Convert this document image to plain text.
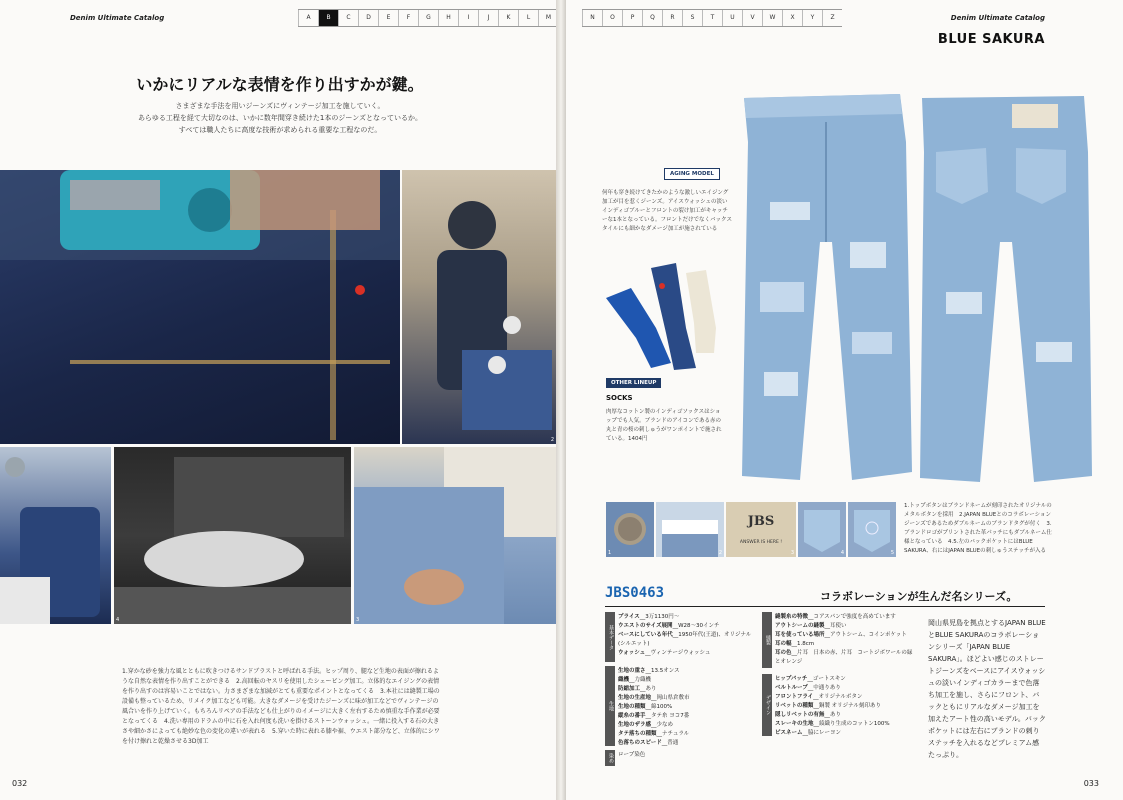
Denim Ultimate Catalog	A	B	C	D	E	F	G	H	I	J	K	L	M
いかにリアルな表情を作り出すかが鍵。
さまざまな手法を用いジーンズにヴィンテージ加工を施していく。
あらゆる工程を経て大切なのは、いかに数年間穿き続けた1本のジーンズとなっているか。
すべては職人たちに高度な技術が求められる重要な工程なのだ。
2
4	3
1.穿かな砂を強力な風とともに吹きつけるサンドブラストと呼ばれる手法。ヒップ周り、腿など生地の表面が擦れるような自然な表情を作り出すことができる　2.高回転のヤスリを使用したシェービング加工。立体的なエイジングの表情を作り出すのは容易いことではない。力さまざまな加減がとても重要なポイントとなってくる　3.本社には縫製工場の設備も整っているため、リメイク加工なども可能。大きなダメージを受けたジーンズに味が加工などでヴィンテージの風合いを作り上げていく。もちろんリペアの手法なども仕上がりのイメージに大きく左右するため慎重な手作業が必要となってくる　4.洗い専用のドラムの中に石を入れ何度も洗いを掛けるストーンウォッシュ。一緒に投入する石の大きさや細かさによっても絶妙な色の変化の違いが表れる　5.穿いた時に表れる膝や裾、ウエスト部分など、立体的にシワを付け擦れと乾燥させる3D加工
032
N	O	P	Q	R	S	T	U	V	W	X	Y	Z	Denim Ultimate Catalog
BLUE SAKURA
AGING MODEL
何年も穿き続けてきたかのような激しいエイジング加工が目を惹くジーンズ。アイスウォッシュの淡いインディゴブルーとフロントの裂け加工がキャッチーな1本となっている。フロントだけでなくバックスタイルにも細かなダメージ加工が施されている
OTHER LINEUP
SOCKS
肉厚なコットン製のインディゴソックスはショップでも人気。ブランドのアイコンである赤の丸と青の桜の刺しゅうがワンポイントで施されている。1404円
1	2
JBS
ANSWER IS HERE !
3	4	5
1.トップボタンはブランドネームが刻印されたオリジナルのメタルボタンを採用　2.JAPAN BLUEとのコラボレーションジーンズであるためダブルネームのブランドタグが付く　3.ブランドロゴがプリントされた革パッチにもダブルネーム仕様となっている　4.5.左のバックポケットにはBLUE SAKURA、右にはJAPAN BLUEの刺しゅうステッチが入る
033
JBS0463	コラボレーションが生んだ名シリーズ。
基本データ
プライス__3万1130円〜
ウエストのサイズ展開__W28〜30インチ
ベースにしている年代__1950年代(王道)、オリジナル(シルエット)
ウォッシュ__ヴィンテージウォッシュ
生地
生地の重さ__13.5オンス
織機__力織機
防縮加工__あり
生地の生産地__岡山県倉敷市
生地の種類__綿100%
縦糸の番手__タテ糸 ヨコ7番
生地のザラ感__少なめ
タテ落ちの種類__ナチュラル
色落ちのスピード__普通
染め ロープ染色
縫製
縫製糸の特徴__コアスパンで強度を高めています
アウトシームの縫製__耳使い
耳を使っている場所__アウトシーム、コインポケット
耳の幅__1.8cm
耳の色__片耳　日本の赤、片耳　コートジボワールの緑とオレンジ
デザイン
ヒップパッチ__ゴートスキン
ベルトループ__中通りあり
フロントフライ__オリジナルボタン
リベットの種類__銅製 オリジナル刻印あり
隠しリベットの有無__あり
スレーキの生地__綾織り生成のコットン100%
ピスネーム__脇にレーヨン
岡山県児島を拠点とするJAPAN BLUEとBLUE SAKURAのコラボレーションシリーズ「JAPAN BLUE SAKURA」。ほどよい感じのストレートジーンズをベースにアイスウォッシュの淡いインディゴカラーまで色落ち加工を施し、さらにフロント、バックともにリアルなダメージ加工を加えたアート性の高いモデル。バックポケットには左右にブランドの刺りステッチを入れるなどプレミアム感たっぷり。
